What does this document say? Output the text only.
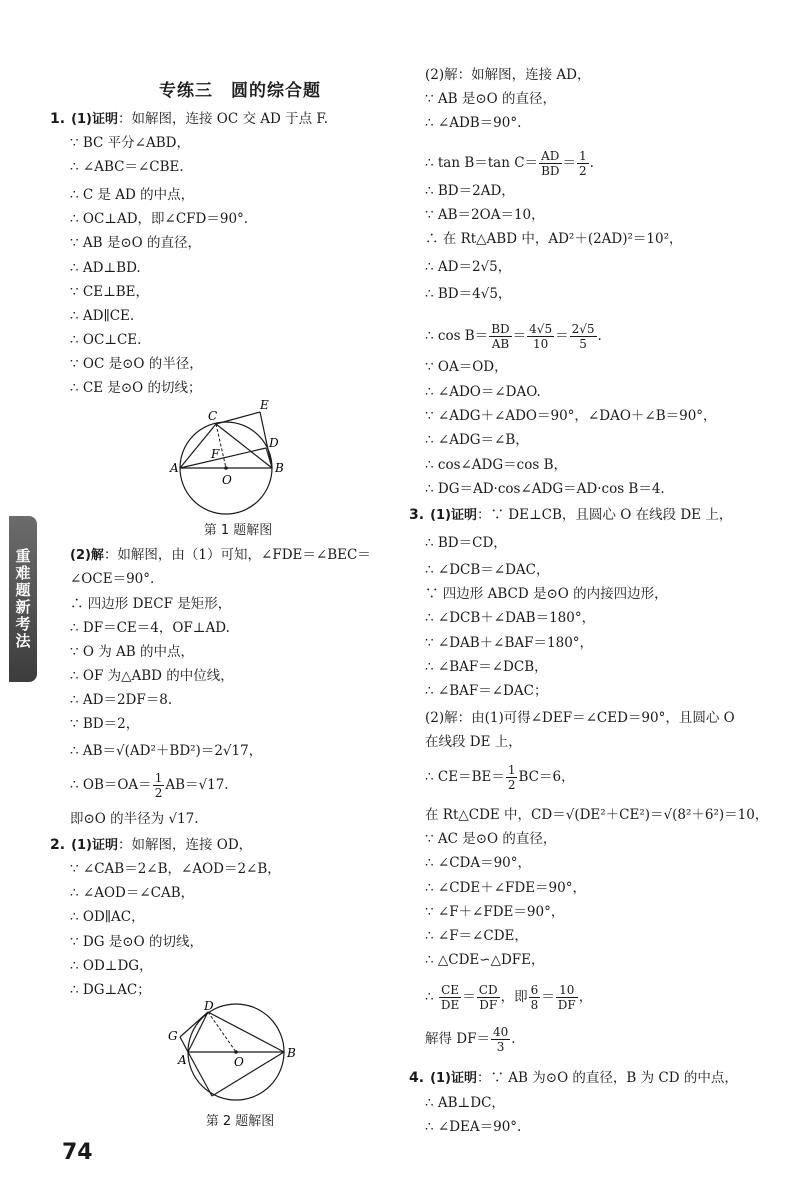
专练三　圆的综合题
重难题新考法
1. (1)证明：如解图，连接 OC 交 AD 于点 F.
∵ BC 平分∠ABD，
∴ ∠ABC＝∠CBE.
∴ C 是 AD 的中点，
∴ OC⊥AD，即∠CFD＝90°.
∵ AB 是⊙O 的直径，
∴ AD⊥BD.
∵ CE⊥BE，
∴ AD∥CE.
∴ OC⊥CE.
∵ OC 是⊙O 的半径，
∴ CE 是⊙O 的切线；
A	B
C
D
E
F
O
第 1 题解图
(2)解：如解图，由（1）可知，∠FDE＝∠BEC＝
∠OCE＝90°.
∴ 四边形 DECF 是矩形，
∴ DF＝CE＝4，OF⊥AD.
∵ O 为 AB 的中点，
∴ OF 为△ABD 的中位线，
∴ AD＝2DF＝8.
∵ BD＝2，
∴ AB＝√(AD²＋BD²)＝2√17，
∴ $OB=OA= \frac{1}{2} AB=√17$.
即⊙O 的半径为 √17.
2. (1)证明：如解图，连接 OD，
∵ ∠CAB＝2∠B，∠AOD＝2∠B，
∴ ∠AOD＝∠CAB，
∴ OD∥AC，
∵ DG 是⊙O 的切线，
∴ OD⊥DG，
∴ DG⊥AC；
A	B
D
G
O
第 2 题解图
(2)解：如解图，连接 AD，
∵ AB 是⊙O 的直径，
∴ ∠ADB＝90°.
∴ tan B＝tan $C= \frac{AD}{BD} = \frac{1}{2}$ .
∴ BD＝2AD，
∵ AB＝2OA＝10，
∴ 在 Rt△ABD 中，AD²＋(2AD)²＝10²，
∴ AD＝2√5，
∴ BD＝4√5，
∴ $\cos B= \frac{BD}{AB} = \frac{4√5}{10} = \frac{2√5}{5}$ .
∵ OA＝OD，
∴ ∠ADO＝∠DAO.
∵ ∠ADG＋∠ADO＝90°，∠DAO＋∠B＝90°，
∴ ∠ADG＝∠B，
∴ cos∠ADG＝cos B，
∴ DG＝AD·cos∠ADG＝AD·cos B＝4.
3. (1)证明：∵ DE⊥CB，且圆心 O 在线段 DE 上，
∴ BD＝CD，
∴ ∠DCB＝∠DAC，
∵ 四边形 ABCD 是⊙O 的内接四边形，
∴ ∠DCB＋∠DAB＝180°，
∵ ∠DAB＋∠BAF＝180°，
∴ ∠BAF＝∠DCB，
∴ ∠BAF＝∠DAC；
(2)解：由(1)可得∠DEF＝∠CED＝90°，且圆心 O
在线段 DE 上，
∴ $CE=BE= \frac{1}{2} BC=6$，
在 Rt△CDE 中，CD＝√(DE²＋CE²)＝√(8²＋6²)＝10，
∵ AC 是⊙O 的直径，
∴ ∠CDA＝90°，
∴ ∠CDE＋∠FDE＝90°，
∵ ∠F＋∠FDE＝90°，
∴ ∠F＝∠CDE，
∴ △CDE∽△DFE，
∴ $\frac{CE}{DE} = \frac{CD}{DF}$ ，即 $\frac{6}{8} = \frac{10}{DF}$ ，
解得 $DF= \frac{40}{3}$ .
4. (1)证明：∵ AB 为⊙O 的直径，B 为 CD 的中点，
∴ AB⊥DC，
∴ ∠DEA＝90°.
74
